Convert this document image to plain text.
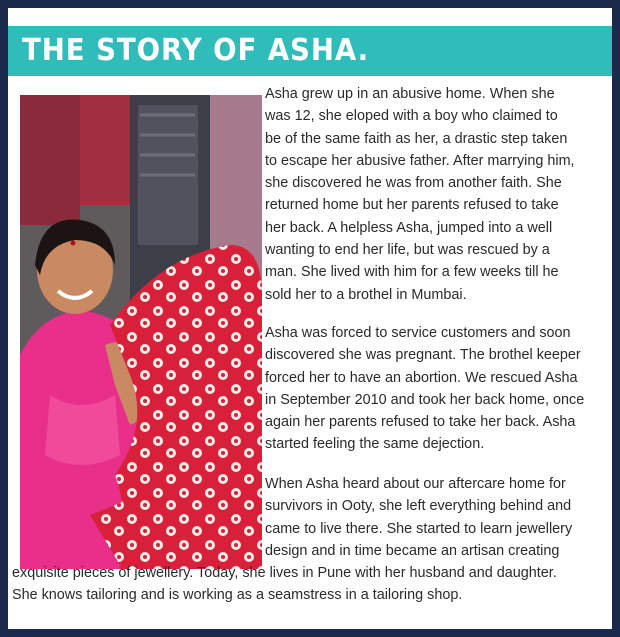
THE STORY OF ASHA.

Asha grew up in an abusive home. When she
was 12, she eloped with a boy who claimed to
be of the same faith as her, a drastic step taken
to escape her abusive father. After marrying him,
she discovered he was from another faith. She
returned home but her parents refused to take
her back. A helpless Asha, jumped into a well
wanting to end her life, but was rescued by a
man. She lived with him for a few weeks till he
sold her to a brothel in Mumbai.

Asha was forced to service customers and soon
discovered she was pregnant. The brothel keeper
forced her to have an abortion. We rescued Asha
in September 2010 and took her back home, once
again her parents refused to take her back. Asha
started feeling the same dejection.

When Asha heard about our aftercare home for
survivors in Ooty, she left everything behind and
came to live there. She started to learn jewellery
design and in time became an artisan creating

exquisite pieces of jewellery. Today, she lives in Pune with her husband and daughter.
She knows tailoring and is working as a seamstress in a tailoring shop.
